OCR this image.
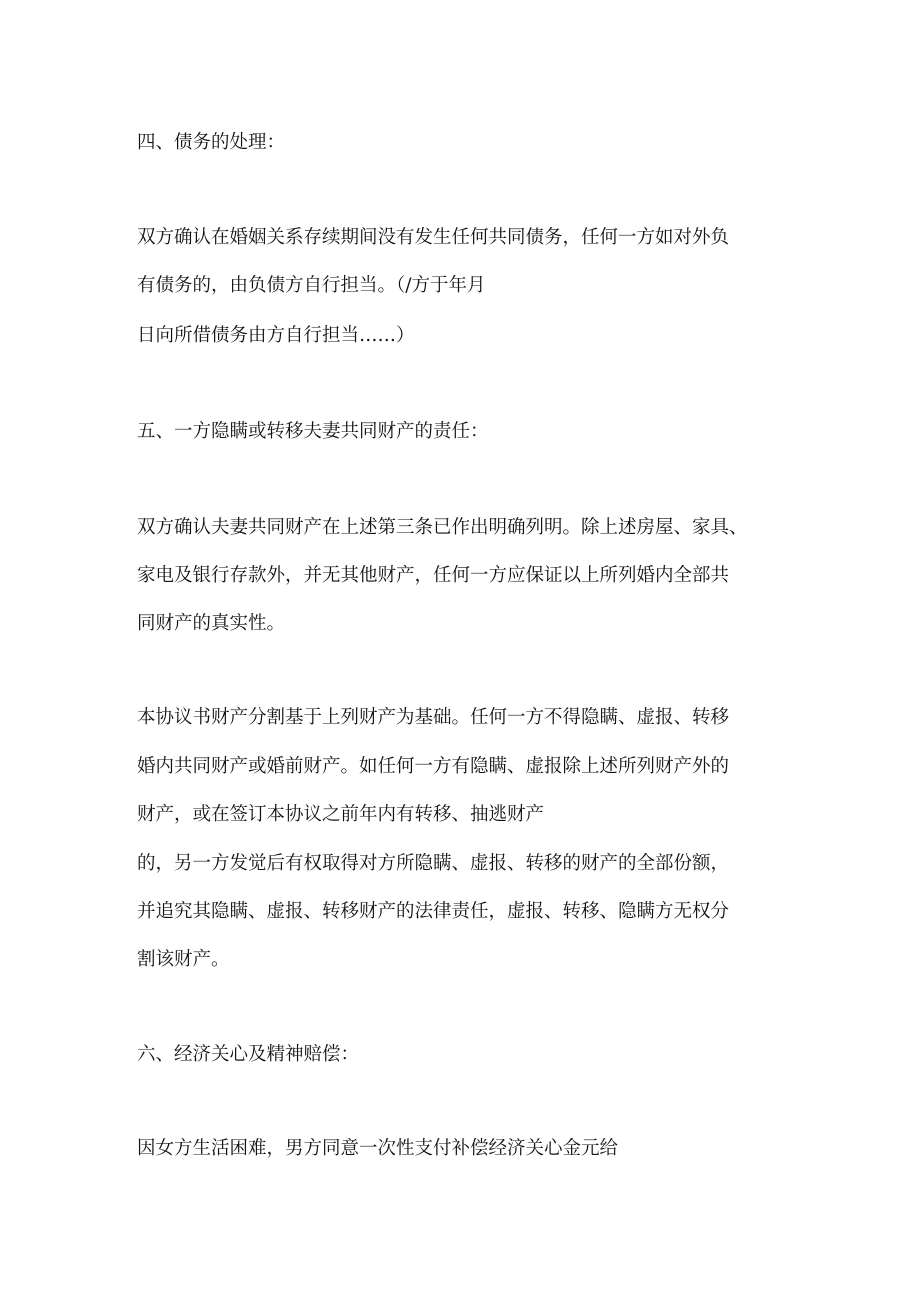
四、债务的处理：
双方确认在婚姻关系存续期间没有发生任何共同债务，任何一方如对外负
有债务的，由负债方自行担当。（/方于年月
日向所借债务由方自行担当……）
五、一方隐瞒或转移夫妻共同财产的责任：
双方确认夫妻共同财产在上述第三条已作出明确列明。除上述房屋、家具、
家电及银行存款外，并无其他财产，任何一方应保证以上所列婚内全部共
同财产的真实性。
本协议书财产分割基于上列财产为基础。任何一方不得隐瞒、虚报、转移
婚内共同财产或婚前财产。如任何一方有隐瞒、虚报除上述所列财产外的
财产，或在签订本协议之前年内有转移、抽逃财产
的，另一方发觉后有权取得对方所隐瞒、虚报、转移的财产的全部份额，
并追究其隐瞒、虚报、转移财产的法律责任，虚报、转移、隐瞒方无权分
割该财产。
六、经济关心及精神赔偿：
因女方生活困难，男方同意一次性支付补偿经济关心金元给
